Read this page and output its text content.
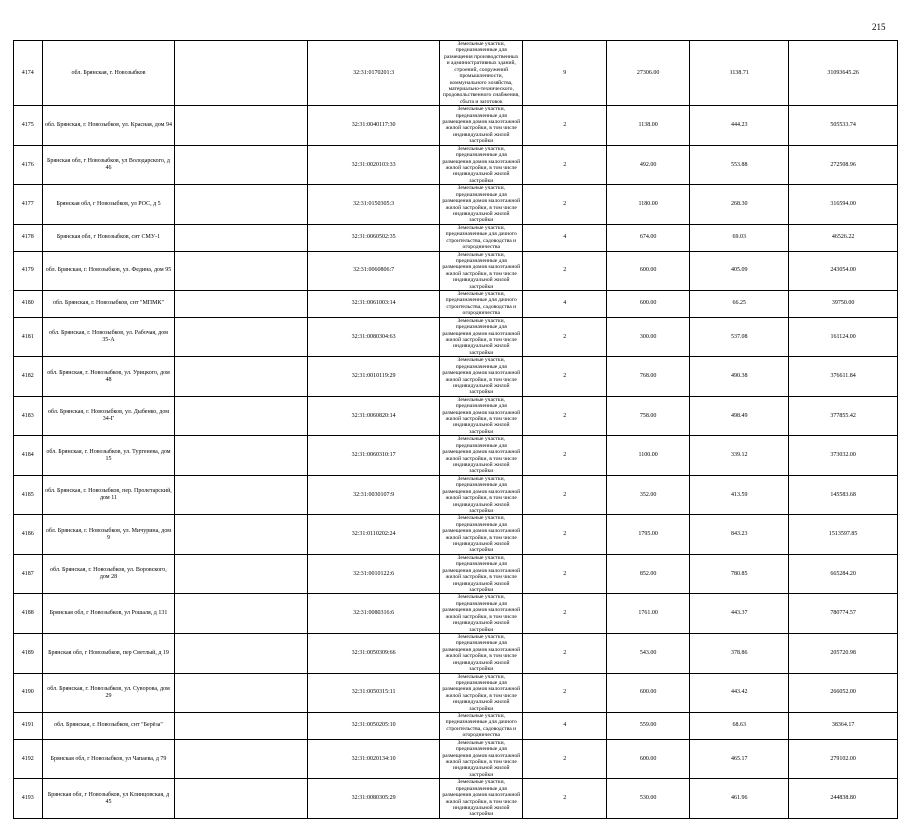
215
4174	обл. Брянская, г. Новозыбков		32:31:0170201:3	Земельные участки, предназначенные для размещения производственных и административных зданий, строений, сооружений промышленности, коммунального хозяйства, материально-технического, продовольственного снабжения, сбыта и заготовок	9	27306.00	1138.71	31093645.26
4175	обл. Брянская, г. Новозыбков, ул. Красная, дом 94		32:31:0040117:30	Земельные участки, предназначенные для размещения домов малоэтажной жилой застройки, в том числе индивидуальной жилой застройки	2	1138.00	444.23	505533.74
4176	Брянская обл, г Новозыбков, ул Володарского, д 46		32:31:0020103:33	Земельные участки, предназначенные для размещения домов малоэтажной жилой застройки, в том числе индивидуальной жилой застройки	2	492.00	553.88	272508.96
4177	Брянская обл, г Новозыбков, ул РОС, д 5		32:31:0150305:3	Земельные участки, предназначенные для размещения домов малоэтажной жилой застройки, в том числе индивидуальной жилой застройки	2	1180.00	268.30	316594.00
4178	Брянская обл, г Новозыбков, снт СМУ-1		32:31:0060502:35	Земельные участки, предназначенные для дачного строительства, садоводства и огородничества	4	674.00	69.03	46526.22
4179	обл. Брянская, г. Новозыбков, ул. Федина, дом 95		32:31:0060806:7	Земельные участки, предназначенные для размещения домов малоэтажной жилой застройки, в том числе индивидуальной жилой застройки	2	600.00	405.09	243054.00
4180	обл. Брянская, г. Новозыбков, снт "МПМК"		32:31:0061003:14	Земельные участки, предназначенные для дачного строительства, садоводства и огородничества	4	600.00	66.25	39750.00
4181	обл. Брянская, г. Новозыбков, ул. Рабочая, дом 35-А		32:31:0080304:63	Земельные участки, предназначенные для размещения домов малоэтажной жилой застройки, в том числе индивидуальной жилой застройки	2	300.00	537.08	161124.00
4182	обл. Брянская, г. Новозыбков, ул. Урицкого, дом 48		32:31:0010119:29	Земельные участки, предназначенные для размещения домов малоэтажной жилой застройки, в том числе индивидуальной жилой застройки	2	768.00	490.38	376611.84
4183	обл. Брянская, г. Новозыбков, ул. Дыбенко, дом 34-Г		32:31:0060820:14	Земельные участки, предназначенные для размещения домов малоэтажной жилой застройки, в том числе индивидуальной жилой застройки	2	758.00	498.49	377855.42
4184	обл. Брянская, г. Новозыбков, ул. Тургенева, дом 15		32:31:0060310:17	Земельные участки, предназначенные для размещения домов малоэтажной жилой застройки, в том числе индивидуальной жилой застройки	2	1100.00	339.12	373032.00
4185	обл. Брянская, г. Новозыбков, пер. Пролетарский, дом 11		32:31:0030107:9	Земельные участки, предназначенные для размещения домов малоэтажной жилой застройки, в том числе индивидуальной жилой застройки	2	352.00	413.59	145583.68
4186	обл. Брянская, г. Новозыбков, ул. Мичурина, дом 9		32:31:0110202:24	Земельные участки, предназначенные для размещения домов малоэтажной жилой застройки, в том числе индивидуальной жилой застройки	2	1795.00	843.23	1513597.85
4187	обл. Брянская, г. Новозыбков, ул. Воровского, дом 28		32:31:0010122:6	Земельные участки, предназначенные для размещения домов малоэтажной жилой застройки, в том числе индивидуальной жилой застройки	2	852.00	780.85	665284.20
4188	Брянская обл, г Новозыбков, ул Рошаля, д 131		32:31:0080316:6	Земельные участки, предназначенные для размещения домов малоэтажной жилой застройки, в том числе индивидуальной жилой застройки	2	1761.00	443.37	780774.57
4189	Брянская обл, г Новозыбков, пер Светлый, д 19		32:31:0050309:66	Земельные участки, предназначенные для размещения домов малоэтажной жилой застройки, в том числе индивидуальной жилой застройки	2	543.00	378.86	205720.98
4190	обл. Брянская, г. Новозыбков, ул. Суворова, дом 29		32:31:0050315:11	Земельные участки, предназначенные для размещения домов малоэтажной жилой застройки, в том числе индивидуальной жилой застройки	2	600.00	443.42	266052.00
4191	обл. Брянская, г. Новозыбков, снт "Берёза"		32:31:0050205:10	Земельные участки, предназначенные для дачного строительства, садоводства и огородничества	4	559.00	68.63	38364.17
4192	Брянская обл, г Новозыбков, ул Чапаева, д 79		32:31:0020134:10	Земельные участки, предназначенные для размещения домов малоэтажной жилой застройки, в том числе индивидуальной жилой застройки	2	600.00	465.17	279102.00
4193	Брянская обл, г Новозыбков, ул Клинцовская, д 45		32:31:0080305:29	Земельные участки, предназначенные для размещения домов малоэтажной жилой застройки, в том числе индивидуальной жилой застройки	2	530.00	461.96	244838.80
